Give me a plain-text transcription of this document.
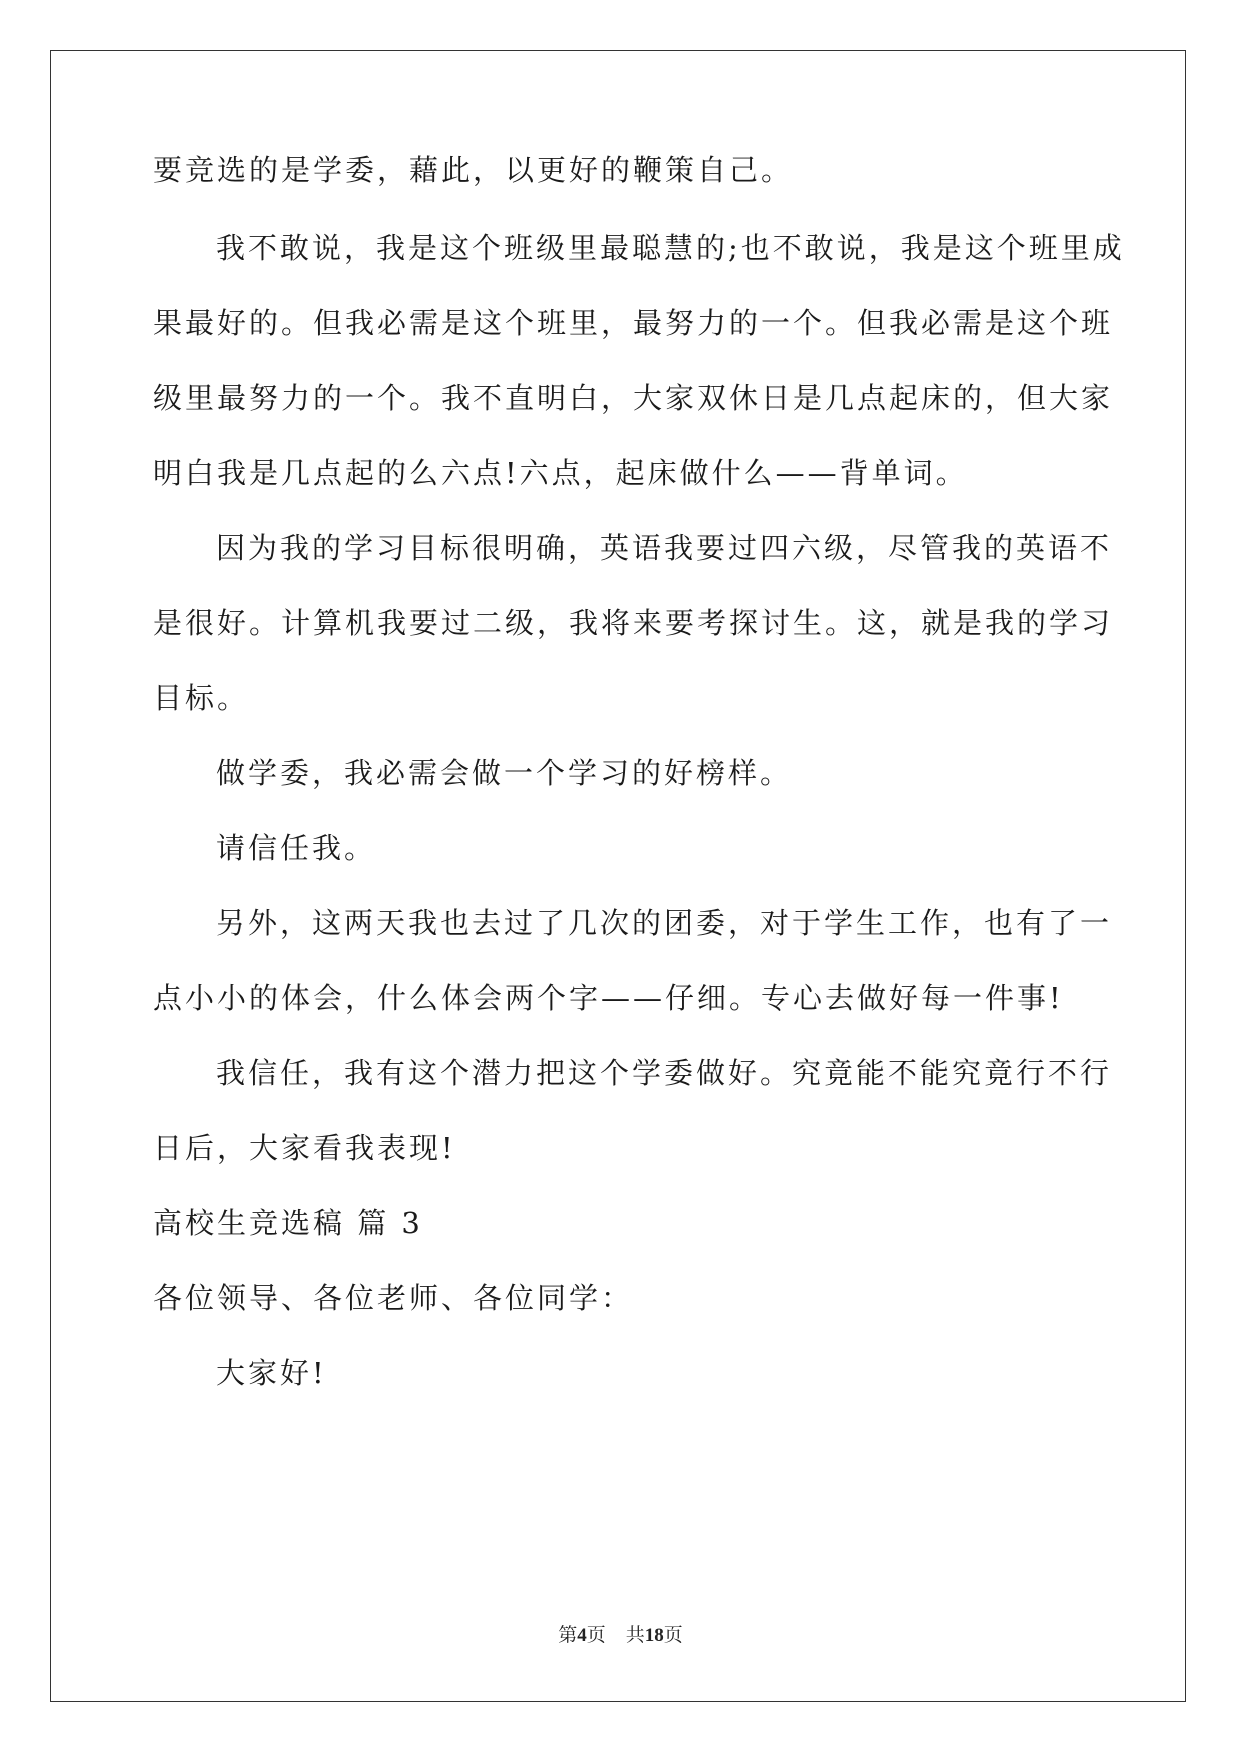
要竞选的是学委，藉此，以更好的鞭策自己。

我不敢说，我是这个班级里最聪慧的;也不敢说，我是这个班里成

果最好的。但我必需是这个班里，最努力的一个。但我必需是这个班

级里最努力的一个。我不直明白，大家双休日是几点起床的，但大家

明白我是几点起的么六点!六点，起床做什么——背单词。

因为我的学习目标很明确，英语我要过四六级，尽管我的英语不

是很好。计算机我要过二级，我将来要考探讨生。这，就是我的学习

目标。

做学委，我必需会做一个学习的好榜样。

请信任我。

另外，这两天我也去过了几次的团委，对于学生工作，也有了一

点小小的体会，什么体会两个字——仔细。专心去做好每一件事!

我信任，我有这个潜力把这个学委做好。究竟能不能究竟行不行

日后，大家看我表现!

高校生竞选稿 篇 3

各位领导、各位老师、各位同学：

大家好!

第4页 共18页
